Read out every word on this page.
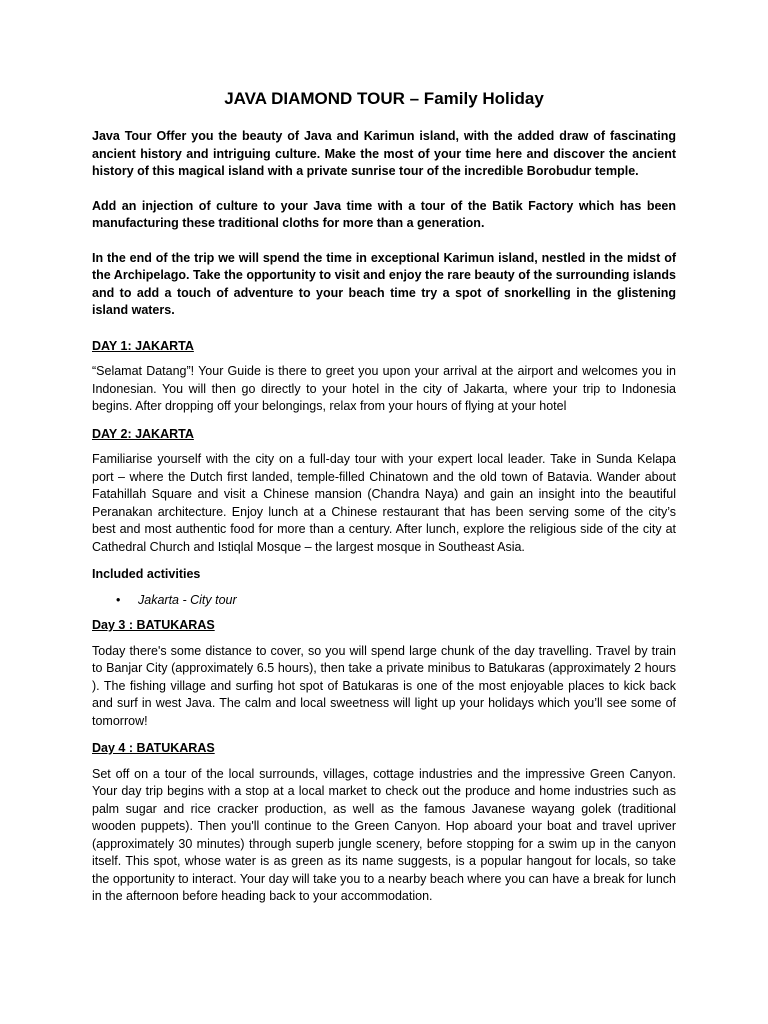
JAVA DIAMOND TOUR – Family Holiday

Java Tour Offer you the beauty of Java and Karimun island, with the added draw of fascinating ancient history and intriguing culture. Make the most of your time here and discover the ancient history of this magical island with a private sunrise tour of the incredible Borobudur temple.

Add an injection of culture to your Java time with a tour of the Batik Factory which has been manufacturing these traditional cloths for more than a generation.

In the end of the trip we will spend the time in exceptional Karimun island, nestled in the midst of the Archipelago. Take the opportunity to visit and enjoy the rare beauty of the surrounding islands and to add a touch of adventure to your beach time try a spot of snorkelling in the glistening island waters.

DAY 1: JAKARTA

“Selamat Datang”! Your Guide is there to greet you upon your arrival at the airport and welcomes you in Indonesian. You will then go directly to your hotel in the city of Jakarta, where your trip to Indonesia begins. After dropping off your belongings, relax from your hours of flying at your hotel

DAY 2: JAKARTA

Familiarise yourself with the city on a full-day tour with your expert local leader. Take in Sunda Kelapa port – where the Dutch first landed, temple-filled Chinatown and the old town of Batavia. Wander about Fatahillah Square and visit a Chinese mansion (Chandra Naya) and gain an insight into the beautiful Peranakan architecture. Enjoy lunch at a Chinese restaurant that has been serving some of the city’s best and most authentic food for more than a century. After lunch, explore the religious side of the city at Cathedral Church and Istiqlal Mosque – the largest mosque in Southeast Asia.

Included activities
• Jakarta - City tour
Day 3 : BATUKARAS

Today there's some distance to cover, so you will spend large chunk of the day travelling. Travel by train to Banjar City (approximately 6.5 hours), then take a private minibus to Batukaras (approximately 2 hours ). The fishing village and surfing hot spot of Batukaras is one of the most enjoyable places to kick back and surf in west Java. The calm and local sweetness will light up your holidays which you’ll see some of tomorrow!

Day 4 : BATUKARAS

Set off on a tour of the local surrounds, villages, cottage industries and the impressive Green Canyon. Your day trip begins with a stop at a local market to check out the produce and home industries such as palm sugar and rice cracker production, as well as the famous Javanese wayang golek (traditional wooden puppets). Then you'll continue to the Green Canyon. Hop aboard your boat and travel upriver (approximately 30 minutes) through superb jungle scenery, before stopping for a swim up in the canyon itself. This spot, whose water is as green as its name suggests, is a popular hangout for locals, so take the opportunity to interact. Your day will take you to a nearby beach where you can have a break for lunch in the afternoon before heading back to your accommodation.
